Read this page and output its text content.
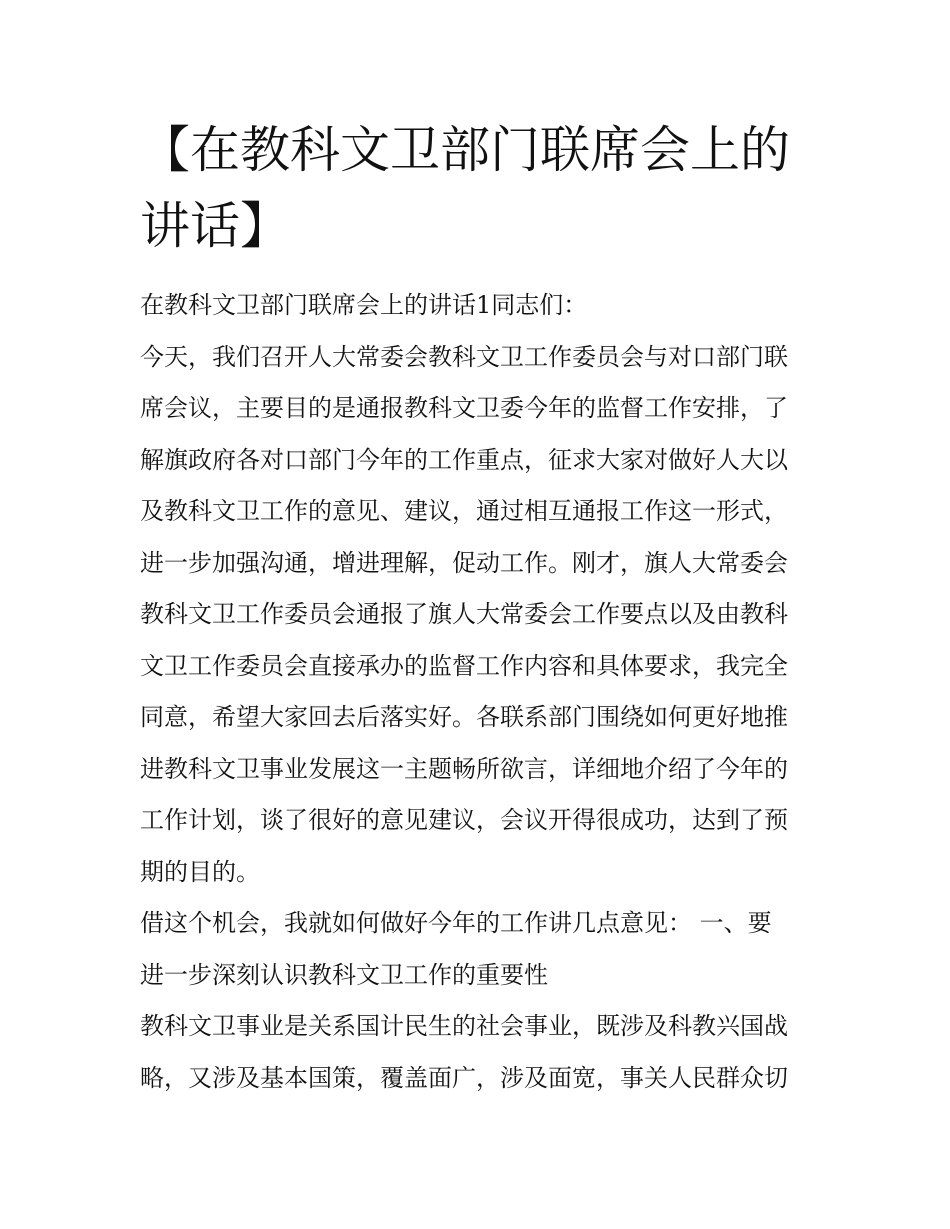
【在教科文卫部门联席会上的
讲话】
在教科文卫部门联席会上的讲话1同志们：
今天，我们召开人大常委会教科文卫工作委员会与对口部门联
席会议，主要目的是通报教科文卫委今年的监督工作安排，了
解旗政府各对口部门今年的工作重点，征求大家对做好人大以
及教科文卫工作的意见、建议，通过相互通报工作这一形式，
进一步加强沟通，增进理解，促动工作。刚才，旗人大常委会
教科文卫工作委员会通报了旗人大常委会工作要点以及由教科
文卫工作委员会直接承办的监督工作内容和具体要求，我完全
同意，希望大家回去后落实好。各联系部门围绕如何更好地推
进教科文卫事业发展这一主题畅所欲言，详细地介绍了今年的
工作计划，谈了很好的意见建议，会议开得很成功，达到了预
期的目的。
借这个机会，我就如何做好今年的工作讲几点意见： 一、要
进一步深刻认识教科文卫工作的重要性
教科文卫事业是关系国计民生的社会事业，既涉及科教兴国战
略，又涉及基本国策，覆盖面广，涉及面宽，事关人民群众切
